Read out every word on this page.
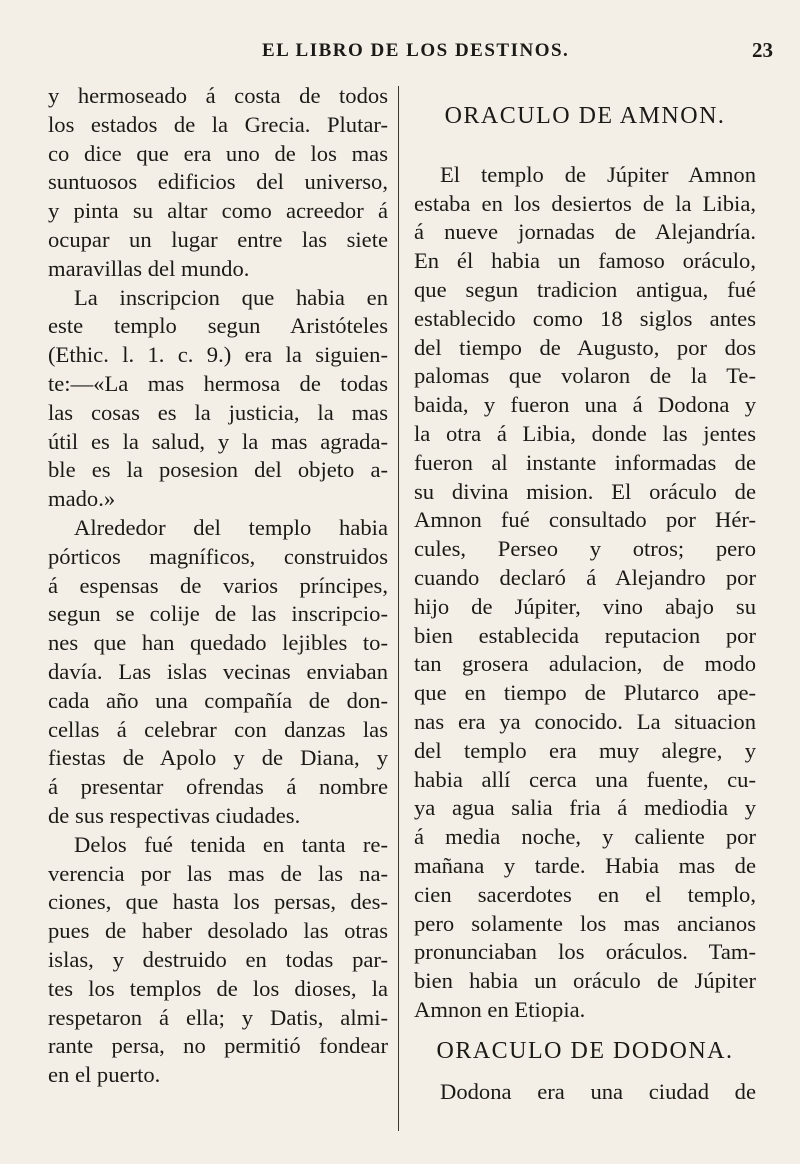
EL LIBRO DE LOS DESTINOS.	23
y hermoseado á costa de todos
los estados de la Grecia. Plutar-
co dice que era uno de los mas
suntuosos edificios del universo,
y pinta su altar como acreedor á
ocupar un lugar entre las siete
maravillas del mundo.
La inscripcion que habia en
este templo segun Aristóteles
(Ethic. l. 1. c. 9.) era la siguien-
te:—«La mas hermosa de todas
las cosas es la justicia, la mas
útil es la salud, y la mas agrada-
ble es la posesion del objeto a-
mado.»
Alrededor del templo habia
pórticos magníficos, construidos
á espensas de varios príncipes,
segun se colije de las inscripcio-
nes que han quedado lejibles to-
davía. Las islas vecinas enviaban
cada año una compañía de don-
cellas á celebrar con danzas las
fiestas de Apolo y de Diana, y
á presentar ofrendas á nombre
de sus respectivas ciudades.
Delos fué tenida en tanta re-
verencia por las mas de las na-
ciones, que hasta los persas, des-
pues de haber desolado las otras
islas, y destruido en todas par-
tes los templos de los dioses, la
respetaron á ella; y Datis, almi-
rante persa, no permitió fondear
en el puerto.
ORACULO DE AMNON.
El templo de Júpiter Amnon
estaba en los desiertos de la Libia,
á nueve jornadas de Alejandría.
En él habia un famoso oráculo,
que segun tradicion antigua, fué
establecido como 18 siglos antes
del tiempo de Augusto, por dos
palomas que volaron de la Te-
baida, y fueron una á Dodona y
la otra á Libia, donde las jentes
fueron al instante informadas de
su divina mision. El oráculo de
Amnon fué consultado por Hér-
cules, Perseo y otros; pero
cuando declaró á Alejandro por
hijo de Júpiter, vino abajo su
bien establecida reputacion por
tan grosera adulacion, de modo
que en tiempo de Plutarco ape-
nas era ya conocido. La situacion
del templo era muy alegre, y
habia allí cerca una fuente, cu-
ya agua salia fria á mediodia y
á media noche, y caliente por
mañana y tarde. Habia mas de
cien sacerdotes en el templo,
pero solamente los mas ancianos
pronunciaban los oráculos. Tam-
bien habia un oráculo de Júpiter
Amnon en Etiopia.
ORACULO DE DODONA.
Dodona era una ciudad de
